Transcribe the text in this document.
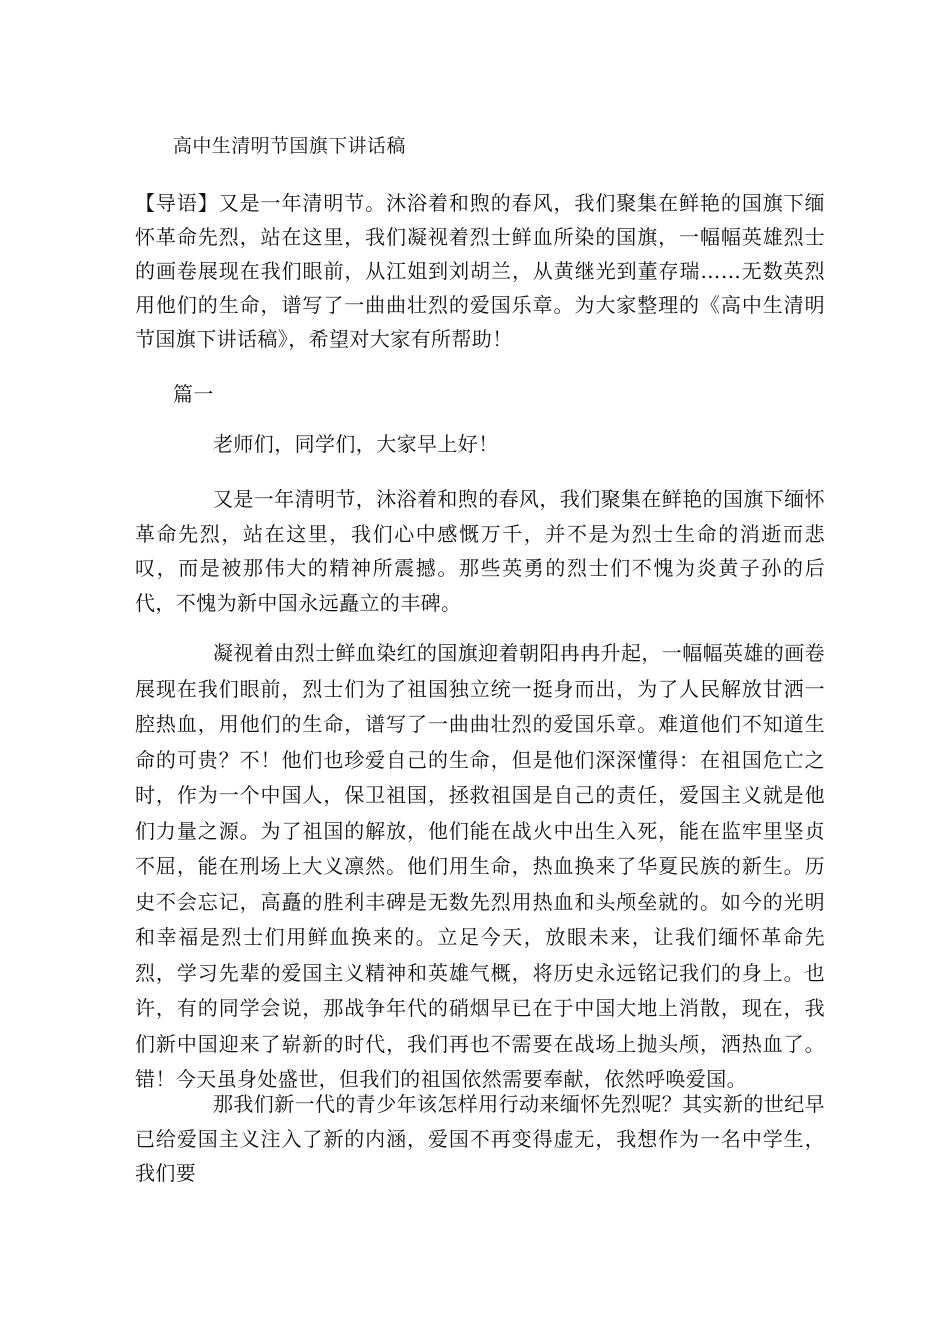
高中生清明节国旗下讲话稿
【导语】又是一年清明节。沐浴着和煦的春风，我们聚集在鲜艳的国旗下缅怀革命先烈，站在这里，我们凝视着烈士鲜血所染的国旗，一幅幅英雄烈士的画卷展现在我们眼前，从江姐到刘胡兰，从黄继光到董存瑞……无数英烈用他们的生命，谱写了一曲曲壮烈的爱国乐章。为大家整理的《高中生清明节国旗下讲话稿》，希望对大家有所帮助！
篇一
老师们，同学们，大家早上好！
又是一年清明节，沐浴着和煦的春风，我们聚集在鲜艳的国旗下缅怀革命先烈，站在这里，我们心中感慨万千，并不是为烈士生命的消逝而悲叹，而是被那伟大的精神所震撼。那些英勇的烈士们不愧为炎黄子孙的后代，不愧为新中国永远矗立的丰碑。
凝视着由烈士鲜血染红的国旗迎着朝阳冉冉升起，一幅幅英雄的画卷展现在我们眼前，烈士们为了祖国独立统一挺身而出，为了人民解放甘洒一腔热血，用他们的生命，谱写了一曲曲壮烈的爱国乐章。难道他们不知道生命的可贵？不！他们也珍爱自己的生命，但是他们深深懂得：在祖国危亡之时，作为一个中国人，保卫祖国，拯救祖国是自己的责任，爱国主义就是他们力量之源。为了祖国的解放，他们能在战火中出生入死，能在监牢里坚贞不屈，能在刑场上大义凛然。他们用生命，热血换来了华夏民族的新生。历史不会忘记，高矗的胜利丰碑是无数先烈用热血和头颅垒就的。如今的光明和幸福是烈士们用鲜血换来的。立足今天，放眼未来，让我们缅怀革命先烈，学习先辈的爱国主义精神和英雄气概，将历史永远铭记我们的身上。也许，有的同学会说，那战争年代的硝烟早已在于中国大地上消散，现在，我们新中国迎来了崭新的时代，我们再也不需要在战场上抛头颅，洒热血了。错！今天虽身处盛世，但我们的祖国依然需要奉献，依然呼唤爱国。
那我们新一代的青少年该怎样用行动来缅怀先烈呢？其实新的世纪早已给爱国主义注入了新的内涵，爱国不再变得虚无，我想作为一名中学生，我们要
